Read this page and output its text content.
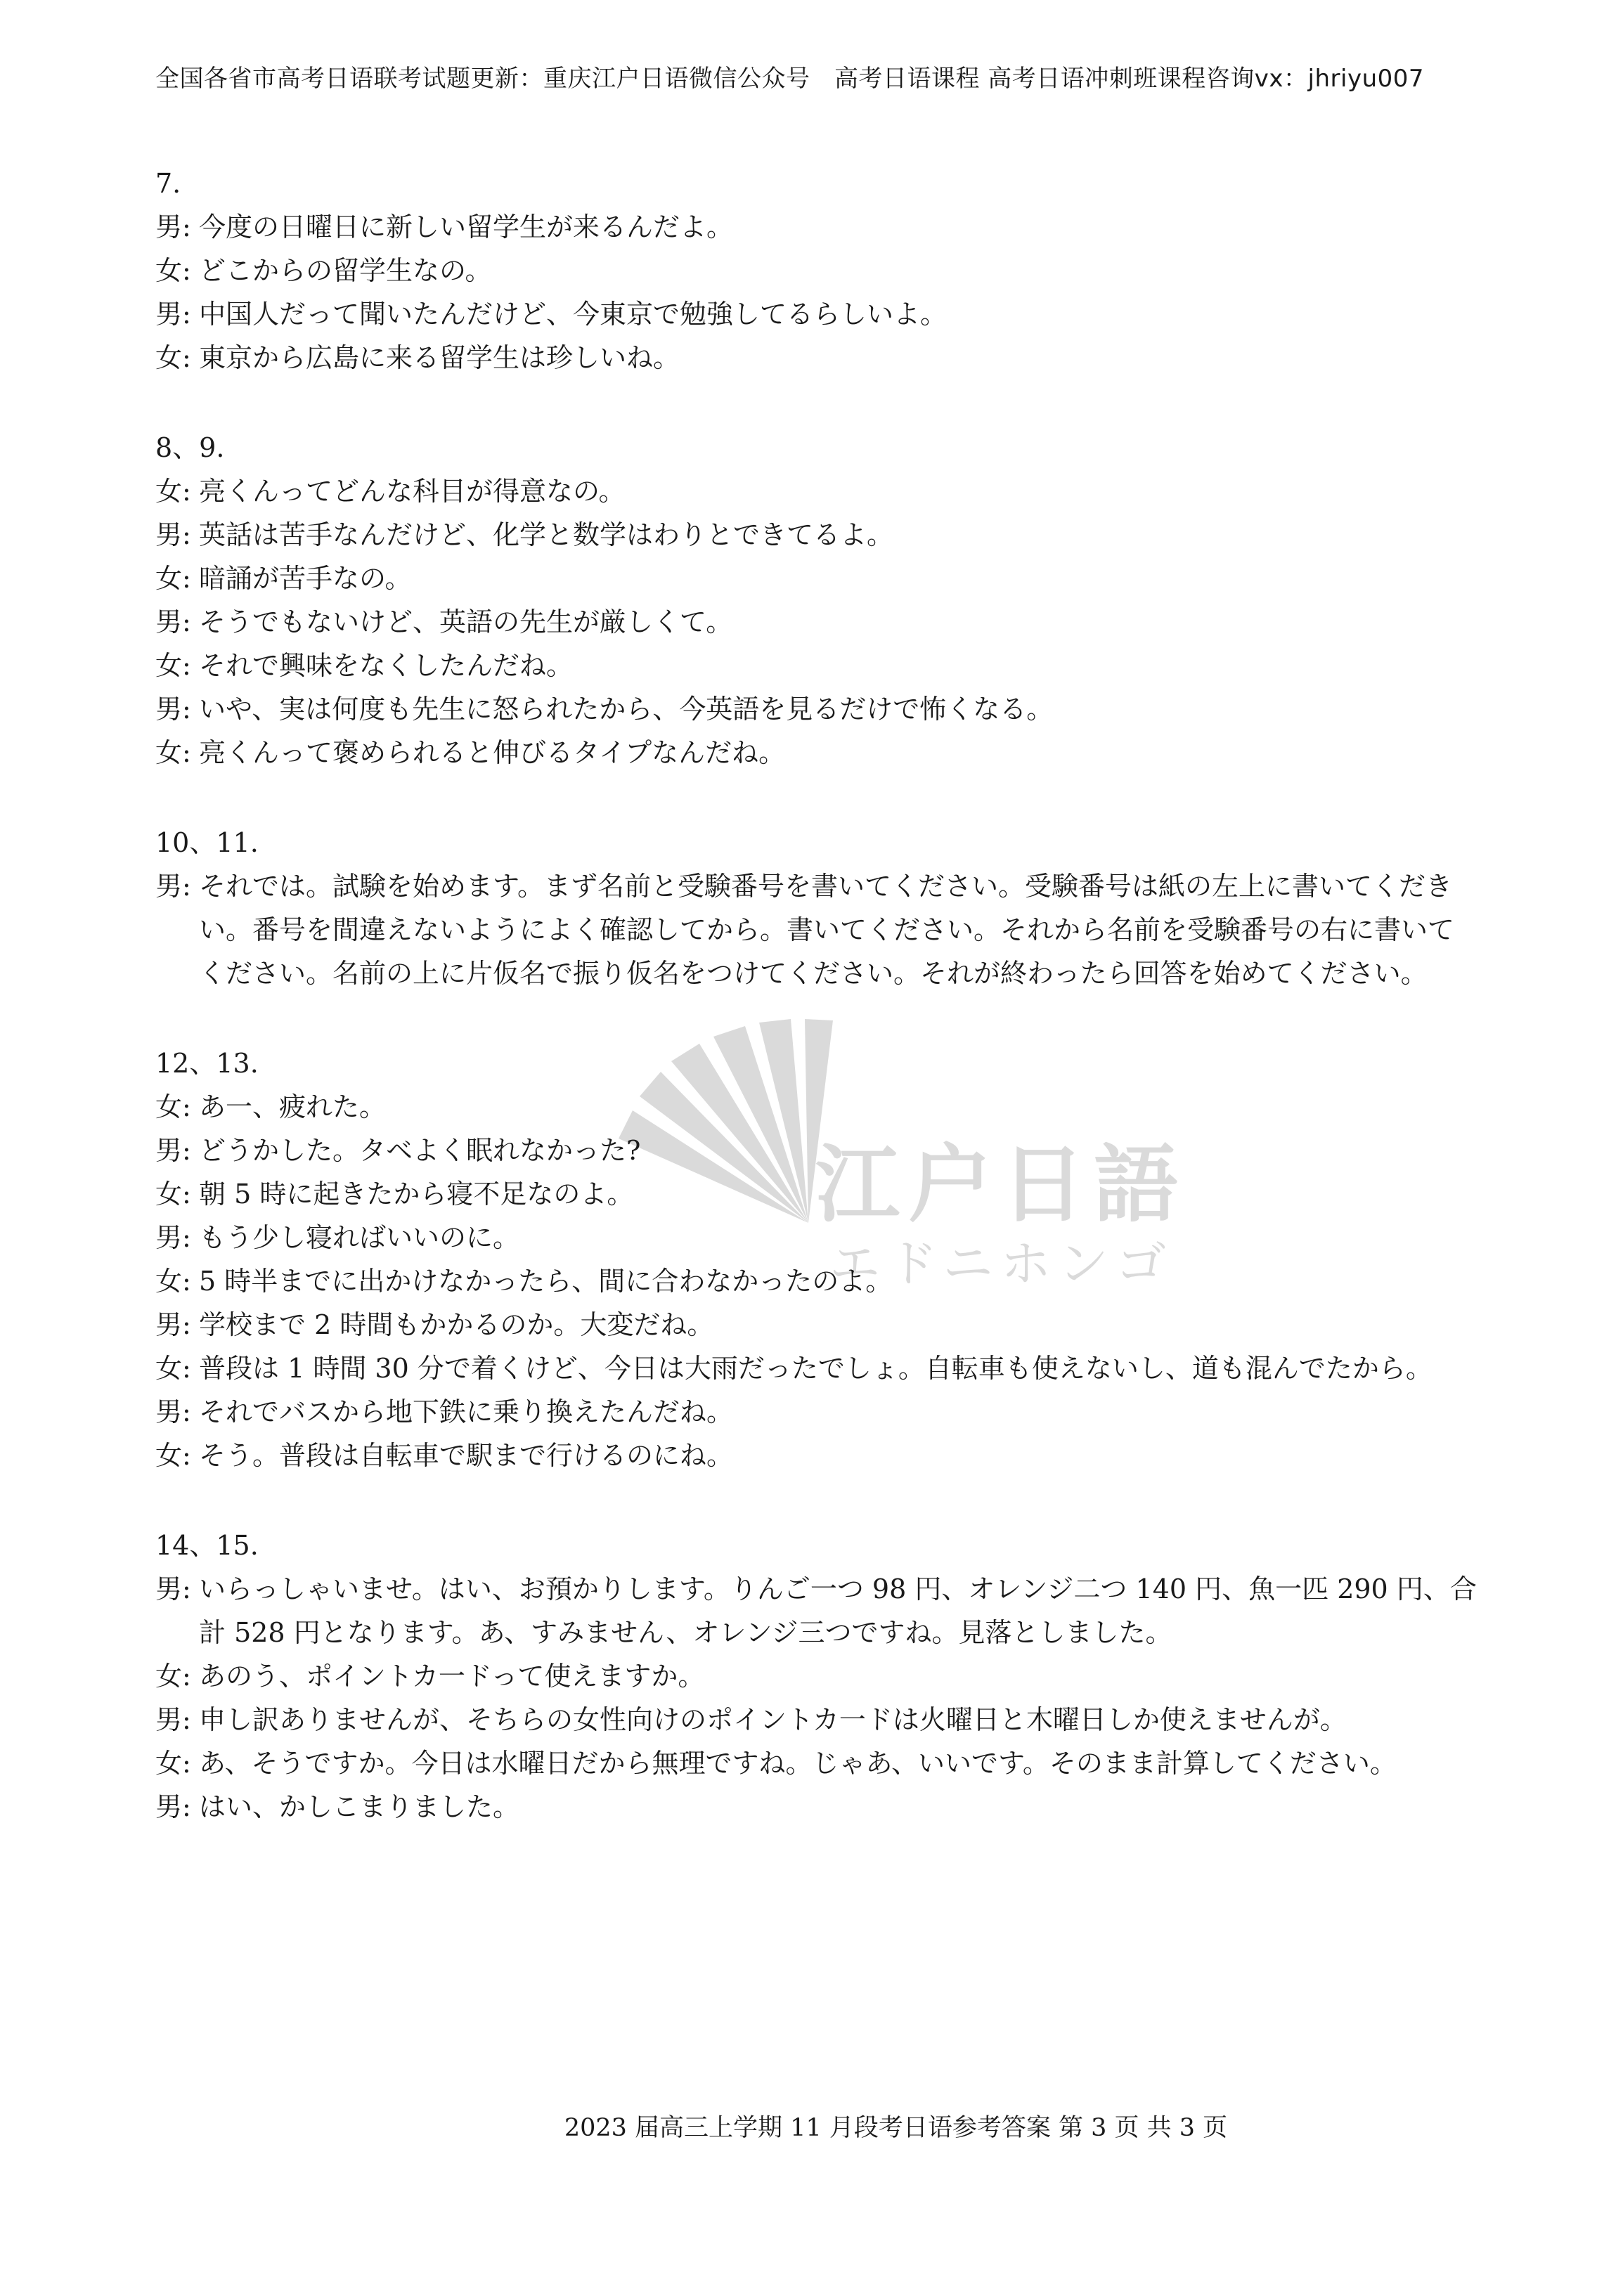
全国各省市高考日语联考试题更新：重庆江户日语微信公众号　高考日语课程 高考日语冲刺班课程咨询vx：jhriyu007
江户日語
エドニホンゴ
7.
男: 今度の日曜日に新しい留学生が来るんだよ。
女: どこからの留学生なの。
男: 中国人だって聞いたんだけど、今東京で勉強してるらしいよ。
女: 東京から広島に来る留学生は珍しいね。
8、9.
女: 亮くんってどんな科目が得意なの。
男: 英話は苦手なんだけど、化学と数学はわりとできてるよ。
女: 暗誦が苦手なの。
男: そうでもないけど、英語の先生が厳しくて。
女: それで興味をなくしたんだね。
男: いや、実は何度も先生に怒られたから、今英語を見るだけで怖くなる。
女: 亮くんって褒められると伸びるタイプなんだね。
10、11.
男: それでは。試験を始めます。まず名前と受験番号を書いてください。受験番号は紙の左上に書いてくだきい。番号を間違えないようによく確認してから。書いてください。それから名前を受験番号の右に書いてください。名前の上に片仮名で振り仮名をつけてください。それが終わったら回答を始めてください。
12、13.
女: あ一、疲れた。
男: どうかした。タベよく眠れなかった?
女: 朝 5 時に起きたから寝不足なのよ。
男: もう少し寝ればいいのに。
女: 5 時半までに出かけなかったら、間に合わなかったのよ。
男: 学校まで 2 時間もかかるのか。大変だね。
女: 普段は 1 時間 30 分で着くけど、今日は大雨だったでしょ。自転車も使えないし、道も混んでたから。
男: それでバスから地下鉄に乗り換えたんだね。
女: そう。普段は自転車で駅まで行けるのにね。
14、15.
男: いらっしゃいませ。はい、お預かりします。りんご一つ 98 円、オレンジ二つ 140 円、魚一匹 290 円、合計 528 円となります。あ、すみません、オレンジ三つですね。見落としました。
女: あのう、ポイントカ一ドって使えますか。
男: 申し訳ありませんが、そちらの女性向けのポイントカ一ドは火曜日と木曜日しか使えませんが。
女: あ、そうですか。今日は水曜日だから無理ですね。じゃあ、いいです。そのまま計算してください。
男: はい、かしこまりました。
2023 届高三上学期 11 月段考日语参考答案 第 3 页 共 3 页
